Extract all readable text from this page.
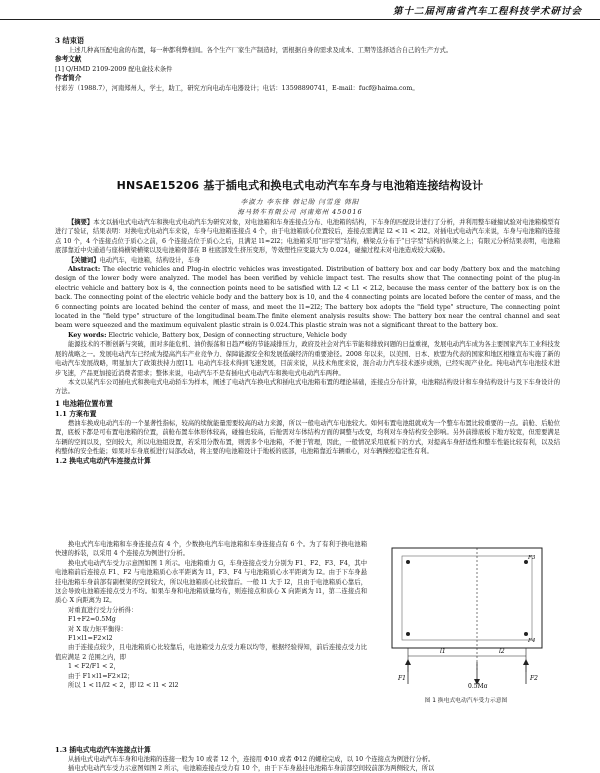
第十二届河南省汽车工程科技学术研讨会
3 结束语
上述几种高压配电盒的布置，每一种都利弊相间。各个生产厂家生产制造时，需根据自身的需求及成本、工期等选择适合自己的生产方式。
参考文献
[1] Q/HMD 2109-2009 配电盒技术条件
作者简介
付彩芳（1988.7），河南郑州人，学士，助工，研究方向电动车电器设计；电话：13598890741，E-mail：fucf@haima.com。
HNSAE15206 基于插电式和换电式电动汽车车身与电池箱连接结构设计
李淑力 李东锋 韩记勋 闫雪莲 韩阳
海马轿车有限公司 河南郑州 450016
【摘要】本文以插电式电动汽车和换电式电动汽车为研究对象，对电池箱和车身连接点分布、电池箱的结构，下车身的匹配设计进行了分析，并利用整车碰撞试验对电池箱模型有进行了验证，结果表明：对换电式电动汽车来说，车身与电池箱连接点 4 个，由于电池箱质心位置较后，连接点需满足 l2 < l1 < 2l2。对插电式电动汽车来说，车身与电池箱的连接点 10 个，4 个连接点位于质心之前，6 个连接点位于质心之后，且满足 l1≈2l2；电池箱采用“田字型”结构，横梁点分布于“日字型”结构的纵梁之上；有限元分析结果表明，电池箱底部靠近中央通道与座椅横梁横梁以及电池箱骨部在 B 柱底部发生挤压变形，等效塑性应变最大为 0.024，碰撞过程未对电池造成较大威胁。
【关键词】电动汽车，电池箱，结构设计，车身
Abstract: The electric vehicles and Plug-in electric vehicles was investigated. Distribution of battery box and car body /battery box and the matching design of the lower body were analyzed. The model has been verified by vehicle impact test. The results show that The connecting point of the plug-in electric vehicle and battery box is 4, the connection points need to be satisfied with L2 < L1 < 2L2, because the mass center of the battery box is on the back. The connecting point of the electric vehicle body and the battery box is 10, and the 4 connecting points are located before the center of mass, and the 6 connecting points are located behind the center of mass, and meet the l1=2l2; The battery box adopts the "field type" structure, The connecting point located in the "field type" structure of the longitudinal beam.The finite element analysis results show: The battery box near the central channel and seat beam were squeezed and the maximum equivalent plastic strain is 0.024.This plastic strain was not a significant threat to the battery box.
Key words: Electric vehicle, Battery box, Design of connecting structure, Vehicle body
能源技术的不断创新与突破，面对多能危机、油价振荡和日趋严峻的节能减排压力，政府及社会对汽车节能和排放问题的日益重视，发展电动汽车成为各主要国家汽车工业科技发展的战略之一。发展电动汽车已经成为提高汽车产业竞争力、保障能源安全和发展低碳经济的重要途径。2008 年以来，以美国、日本、欧盟为代表的国家和地区相继宣布实施了新的电动汽车发展战略，明显加大了政策扶持力度[1]。电动汽车技术得到飞速发展，目前来说，从技术角度来说，混合动力汽车技术逐步成熟，已经实现产业化。纯电动汽车电池技术进步飞速，产品更加接近消费者需求；整体来说，电动汽车不是有插电式电动汽车和换电式电动汽车两种。
本文以某汽车公司插电式和换电式电动轿车为样本，阐述了电动汽车换电式和插电式电池箱布置的理论基础，连接点分布计算，电池箱结构设计和车身结构设计与及下车身设计的方法。
1 电池箱位置布置
1.1 方案布置
燃油车换成电动汽车的一个显著性指标，较高的续航能量需要较高的动力来源，所以一般电动汽车电池较大。如何布置电池组就成为一个整车布置比较重要的一点。前舱、后舱位置，底板下都是可布置电池箱的位置，前舱布置车体形体较高，碰撞也较高，后舱需对车体结构方面的调整与改变，均利对车身结构安全影响。另外前排底板下地方较宽，但需要满足车辆的空间以及，空间较大，所以电池组设置，若采用分散布置，则需多个电池箱，不便于管理，因此，一般情况采用底板下的方式，对提高车身舒适性和整车性能比较有利，以及结构整体的安全性能；如果对车身底板进行局部改动，将主要的电池箱设计于地板的底部，电池箱靠近车辆重心，对车辆操控稳定性有利。
1.2 换电式电动汽车连接点计算
换电式汽车电池箱和车身连接点有 4 个，少数换电汽车电池箱和车身连接点有 6 个。为了有利于换电池箱快速的拆装，以采用 4 个连接点为例进行分析。
换电式电动汽车受力示意图如图 1 所示。电池箱重力 G，车身连接点受力分别为 F1、F2、F3、F4，其中电池箱前后连接点 F1、F2 与电池箱质心水平距离为 l1，F3、F4 与电池箱质心水平距离为 l2。由于下车身悬挂电池箱车身前部有副框架的空间较大，所以电池箱质心比较靠后。一般 l1 大于 l2，且由于电池箱质心靠后，这会导致电池箱连接点受力不均。如果车身和电池箱质量均布，则连接点和质心 X 向距离为 l1，第二连接点和质心 X 向距离为 l2。
对重直进行受力分析得：
F1+F2=0.5Mg
对 X 取力矩平衡得：
F1×l1=F2×l2
由于连接点较少，且电池箱质心比较靠后，电池箱受力点受力难以均等，根据经验得知，前后连接点受力比值应满足 2 范围之内，即
1 < F2/F1 < 2，
由于 F1×l1=F2×l2；
所以 1 < l1/l2 < 2，即 l2 < l1 < 2l2
1.3 插电式电动汽车连接点计算
从插电式电动汽车车身和电池箱的连接一般为 10 或者 12 个，连接用 Φ10 或者 Φ12 的螺栓完成，以 10 个连接点为例进行分析。
插电式电动汽车受力示意图如图 2 所示，电池箱连接点受力有 10 个，由于下车身悬挂电池箱车身前部空间较前部为两侧较大，所以
l1	l2
F1	F2
F3
F4
0.5Mg
图 1 换电式电动汽车受力示意图
